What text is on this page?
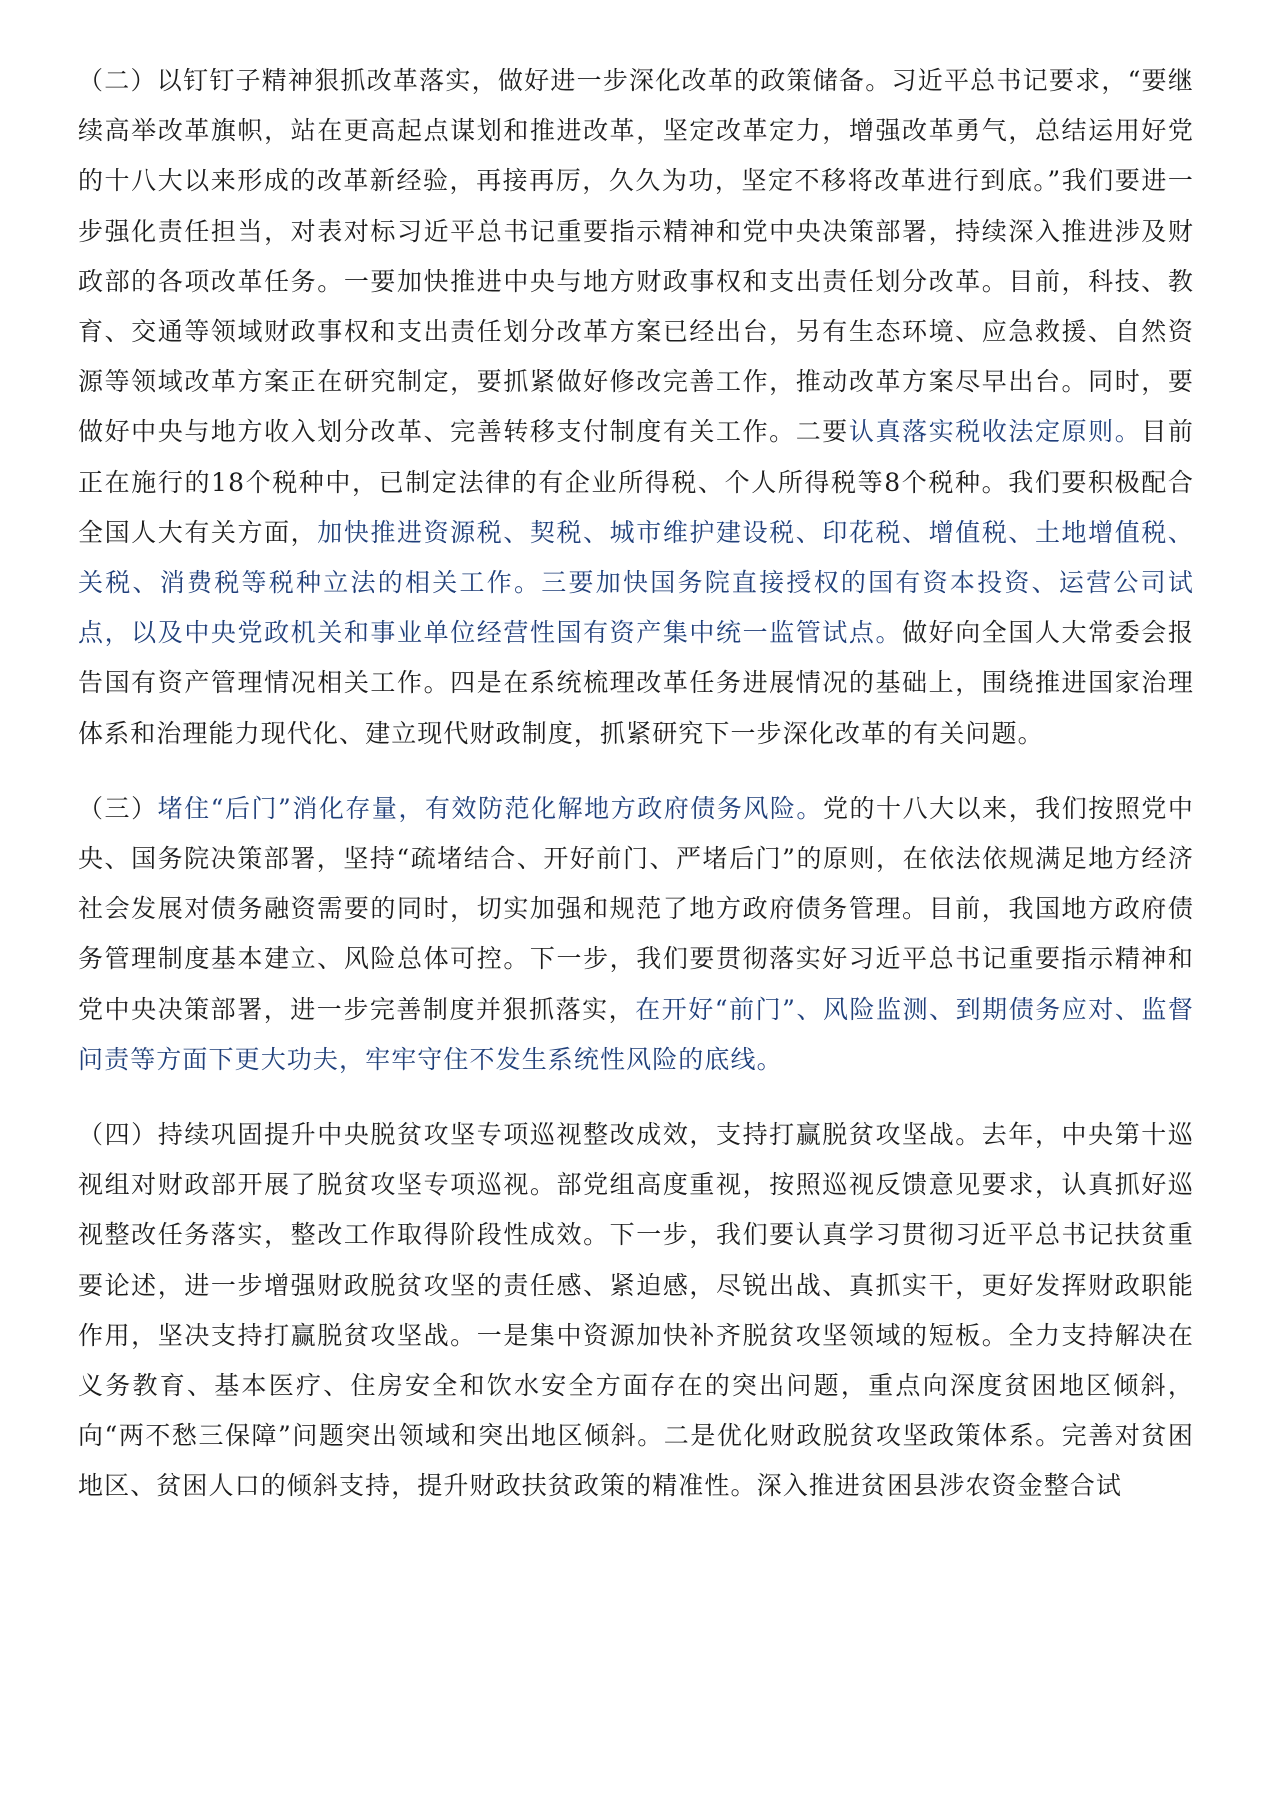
（二）以钉钉子精神狠抓改革落实，做好进一步深化改革的政策储备。习近平总书记要求，“要继续高举改革旗帜，站在更高起点谋划和推进改革，坚定改革定力，增强改革勇气，总结运用好党的十八大以来形成的改革新经验，再接再厉，久久为功，坚定不移将改革进行到底。”我们要进一步强化责任担当，对表对标习近平总书记重要指示精神和党中央决策部署，持续深入推进涉及财政部的各项改革任务。一要加快推进中央与地方财政事权和支出责任划分改革。目前，科技、教育、交通等领域财政事权和支出责任划分改革方案已经出台，另有生态环境、应急救援、自然资源等领域改革方案正在研究制定，要抓紧做好修改完善工作，推动改革方案尽早出台。同时，要做好中央与地方收入划分改革、完善转移支付制度有关工作。二要认真落实税收法定原则。目前正在施行的18个税种中，已制定法律的有企业所得税、个人所得税等8个税种。我们要积极配合全国人大有关方面，加快推进资源税、契税、城市维护建设税、印花税、增值税、土地增值税、关税、消费税等税种立法的相关工作。三要加快国务院直接授权的国有资本投资、运营公司试点，以及中央党政机关和事业单位经营性国有资产集中统一监管试点。做好向全国人大常委会报告国有资产管理情况相关工作。四是在系统梳理改革任务进展情况的基础上，围绕推进国家治理体系和治理能力现代化、建立现代财政制度，抓紧研究下一步深化改革的有关问题。

（三）堵住“后门”消化存量，有效防范化解地方政府债务风险。党的十八大以来，我们按照党中央、国务院决策部署，坚持“疏堵结合、开好前门、严堵后门”的原则，在依法依规满足地方经济社会发展对债务融资需要的同时，切实加强和规范了地方政府债务管理。目前，我国地方政府债务管理制度基本建立、风险总体可控。下一步，我们要贯彻落实好习近平总书记重要指示精神和党中央决策部署，进一步完善制度并狠抓落实，在开好“前门”、风险监测、到期债务应对、监督问责等方面下更大功夫，牢牢守住不发生系统性风险的底线。

（四）持续巩固提升中央脱贫攻坚专项巡视整改成效，支持打赢脱贫攻坚战。去年，中央第十巡视组对财政部开展了脱贫攻坚专项巡视。部党组高度重视，按照巡视反馈意见要求，认真抓好巡视整改任务落实，整改工作取得阶段性成效。下一步，我们要认真学习贯彻习近平总书记扶贫重要论述，进一步增强财政脱贫攻坚的责任感、紧迫感，尽锐出战、真抓实干，更好发挥财政职能作用，坚决支持打赢脱贫攻坚战。一是集中资源加快补齐脱贫攻坚领域的短板。全力支持解决在义务教育、基本医疗、住房安全和饮水安全方面存在的突出问题，重点向深度贫困地区倾斜，向“两不愁三保障”问题突出领域和突出地区倾斜。二是优化财政脱贫攻坚政策体系。完善对贫困地区、贫困人口的倾斜支持，提升财政扶贫政策的精准性。深入推进贫困县涉农资金整合试
